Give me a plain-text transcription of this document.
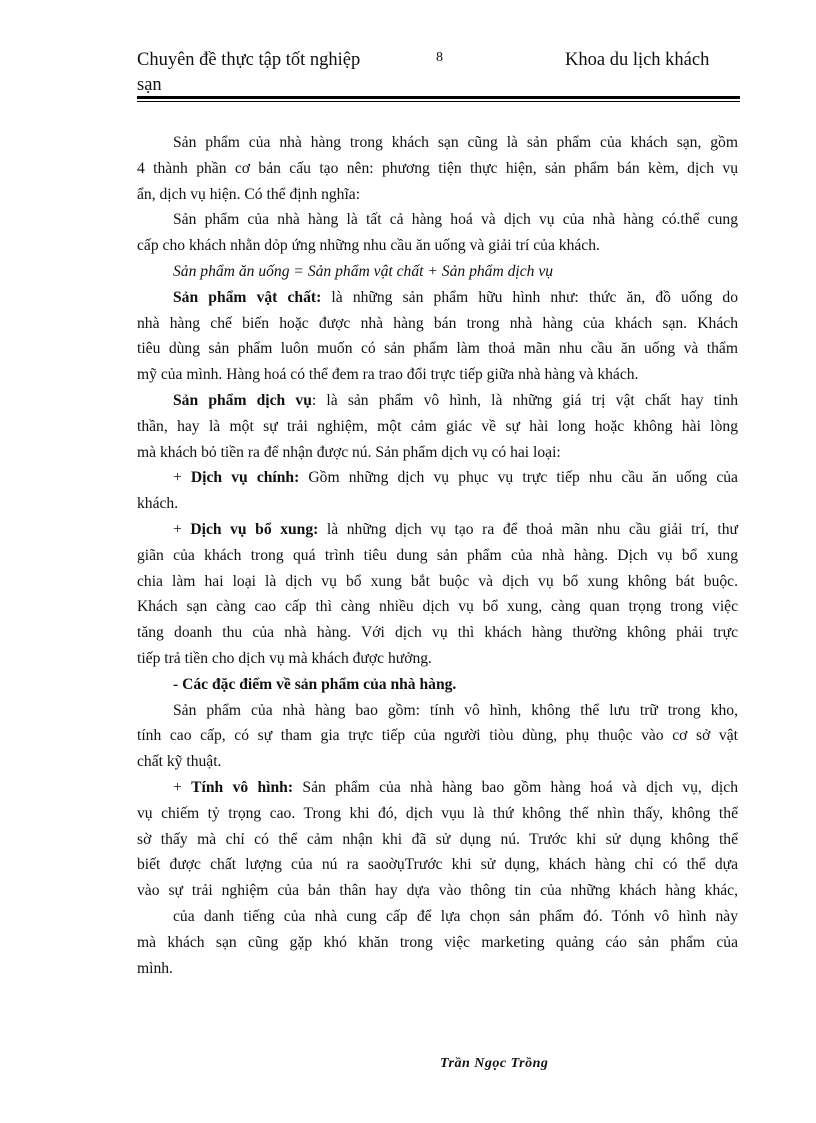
Chuyên đề thực tập tốt nghiệp
sạn
8	Khoa du lịch khách
Sản phẩm của nhà hàng trong khách sạn cũng là sản phẩm của khách sạn, gồm
4 thành phần cơ bản cấu tạo nên: phương tiện thực hiện, sản phẩm bán kèm, dịch vụ
ẩn, dịch vụ hiện. Có thể định nghĩa:
Sản phẩm của nhà hàng là tất cả hàng hoá và dịch vụ của nhà hàng có.thể cung
cấp cho khách nhằn dỏp ứng những nhu cầu ăn uống và giải trí của khách.
Sản phẩm ăn uống = Sản phẩm vật chất + Sản phẩm dịch vụ
Sản phẩm vật chất: là những sản phẩm hữu hình như: thức ăn, đồ uống do
nhà hàng chế biến hoặc được nhà hàng bán trong nhà hàng của khách sạn. Khách
tiêu dùng sản phẩm luôn muốn có sản phẩm làm thoả mãn nhu cầu ăn uống và thẩm
mỹ của mình. Hàng hoá có thể đem ra trao đổi trực tiếp giữa nhà hàng và khách.
Sản phẩm dịch vụ: là sản phẩm vô hình, là những giá trị vật chất hay tinh
thần, hay là một sự trải nghiệm, một cảm giác về sự hài long hoặc không hài lòng
mà khách bỏ tiền ra để nhận được nú. Sản phẩm dịch vụ có hai loại:
+ Dịch vụ chính: Gồm những dịch vụ phục vụ trực tiếp nhu cầu ăn uống của
khách.
+ Dịch vụ bổ xung: là những dịch vụ tạo ra để thoả mãn nhu cầu giải trí, thư
giãn của khách trong quá trình tiêu dung sản phẩm của nhà hàng. Dịch vụ bổ xung
chia làm hai loại là dịch vụ bổ xung bắt buộc và dịch vụ bổ xung không bát buộc.
Khách sạn càng cao cấp thì càng nhiều dịch vụ bổ xung, càng quan trọng trong việc
tăng doanh thu của nhà hàng. Với dịch vụ thì khách hàng thường không phải trực
tiếp trả tiền cho dịch vụ mà khách được hưởng.
- Các đặc điểm về sản phẩm của nhà hàng.
Sản phẩm của nhà hàng bao gồm: tính vô hình, không thể lưu trữ trong kho,
tính cao cấp, có sự tham gia trực tiếp của người tiòu dùng, phụ thuộc vào cơ sở vật
chất kỹ thuật.
+ Tính vô hình: Sản phẩm của nhà hàng bao gồm hàng hoá và dịch vụ, dịch
vụ chiếm tỷ trọng cao. Trong khi đó, dịch vụu là thứ không thể nhìn thấy, không thể
sờ thấy mà chỉ có thể cảm nhận khi đã sử dụng nú. Trước khi sử dụng không thể
biết được chất lượng của nú ra saoờụTrước khi sử dụng, khách hàng chỉ có thể dựa
vào sự trải nghiệm của bản thân hay dựa vào thông tin của những khách hàng khác,
của danh tiếng của nhà cung cấp để lựa chọn sản phẩm đó. Tónh vô hình này
mà khách sạn cũng gặp khó khăn trong việc marketing quảng cáo sản phẩm của
mình.
Trần Ngọc Trồng
